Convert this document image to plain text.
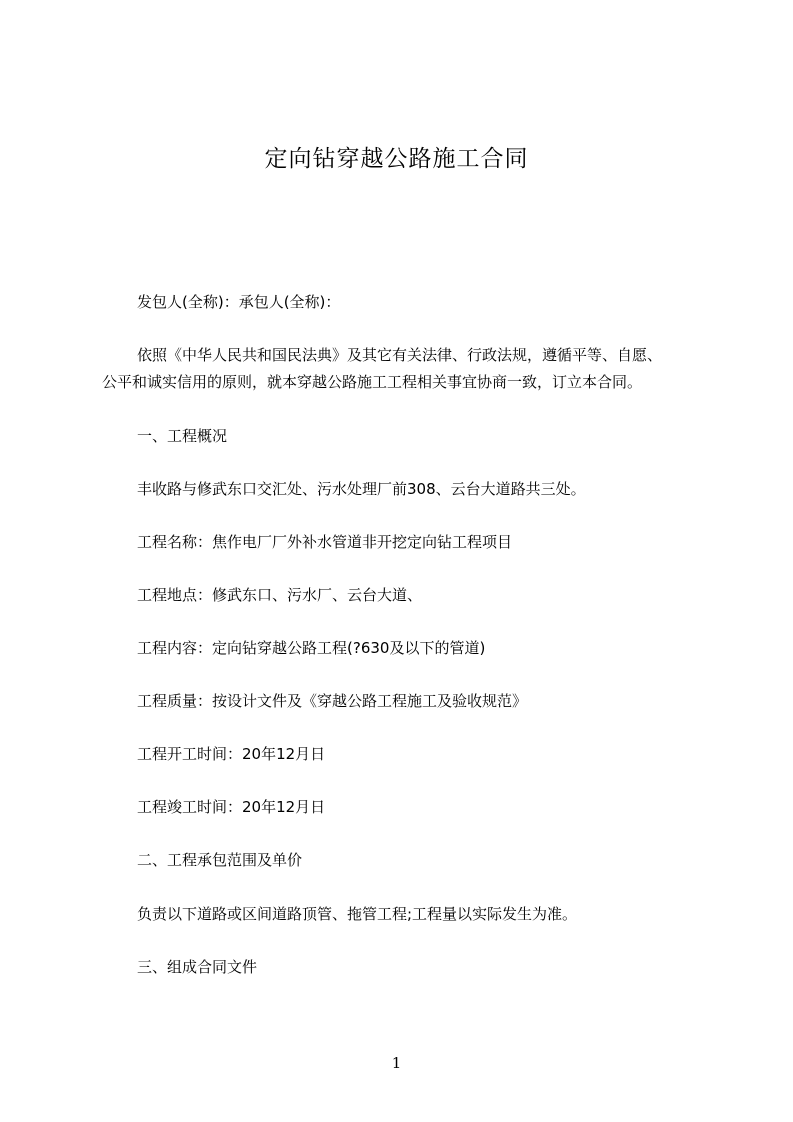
定向钻穿越公路施工合同
发包人(全称)：承包人(全称)：
依照《中华人民共和国民法典》及其它有关法律、行政法规，遵循平等、自愿、
公平和诚实信用的原则，就本穿越公路施工工程相关事宜协商一致，订立本合同。
一、工程概况
丰收路与修武东口交汇处、污水处理厂前308、云台大道路共三处。
工程名称：焦作电厂厂外补水管道非开挖定向钻工程项目
工程地点：修武东口、污水厂、云台大道、
工程内容：定向钻穿越公路工程(?630及以下的管道)
工程质量：按设计文件及《穿越公路工程施工及验收规范》
工程开工时间：20年12月日
工程竣工时间：20年12月日
二、工程承包范围及单价
负责以下道路或区间道路顶管、拖管工程;工程量以实际发生为准。
三、组成合同文件
1
